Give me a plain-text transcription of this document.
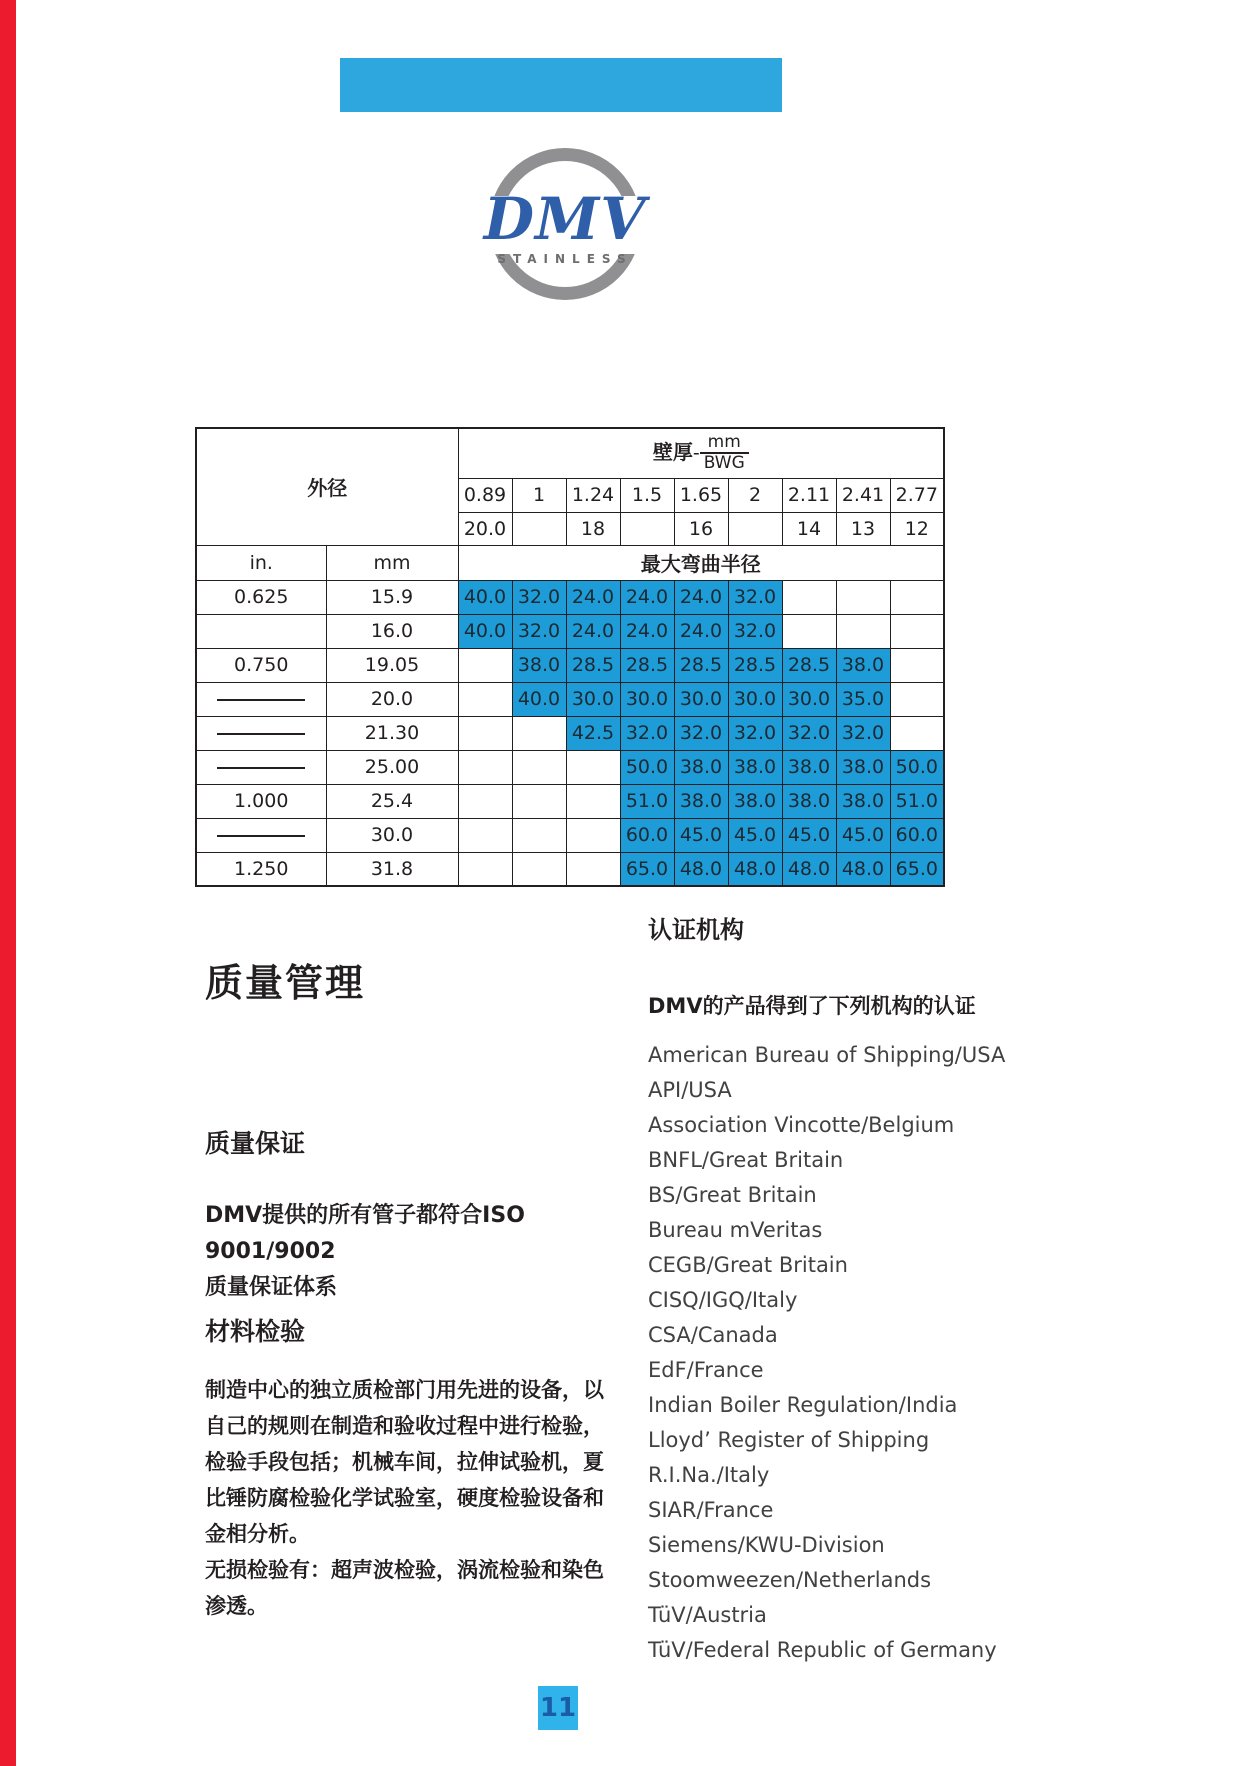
DMV
STAINLESS
外径		壁厚- $\frac{mm}{\text{BWG}}$

		0.89	1	1.24	1.5	1.65	2	2.11	2.41	2.77
		20.0		18		16		14	13	12
in.	mm	最大弯曲半径								
0.625	15.9	40.0	32.0	24.0	24.0	24.0	32.0			
	16.0	40.0	32.0	24.0	24.0	24.0	32.0			
0.750	19.05		38.0	28.5	28.5	28.5	28.5	28.5	38.0	
	20.0		40.0	30.0	30.0	30.0	30.0	30.0	35.0	
	21.30			42.5	32.0	32.0	32.0	32.0	32.0	
	25.00				50.0	38.0	38.0	38.0	38.0	50.0
1.000	25.4				51.0	38.0	38.0	38.0	38.0	51.0
	30.0				60.0	45.0	45.0	45.0	45.0	60.0
1.250	31.8				65.0	48.0	48.0	48.0	48.0	65.0
质量管理
认证机构
DMV的产品得到了下列机构的认证
American Bureau of Shipping/USA
API/USA
Association Vincotte/Belgium
BNFL/Great Britain
BS/Great Britain
Bureau mVeritas
CEGB/Great Britain
CISQ/IGQ/Italy
CSA/Canada
EdF/France
Indian Boiler Regulation/India
Lloyd’ Register of Shipping
R.I.Na./Italy
SIAR/France
Siemens/KWU-Division
Stoomweezen/Netherlands
TüV/Austria
TüV/Federal Republic of Germany
质量保证
DMV提供的所有管子都符合ISO 9001/9002
质量保证体系
材料检验
制造中心的独立质检部门用先进的设备，以
自己的规则在制造和验收过程中进行检验，
检验手段包括；机械车间，拉伸试验机，夏
比锤防腐检验化学试验室，硬度检验设备和
金相分析。
无损检验有：超声波检验，涡流检验和染色
渗透。
11
